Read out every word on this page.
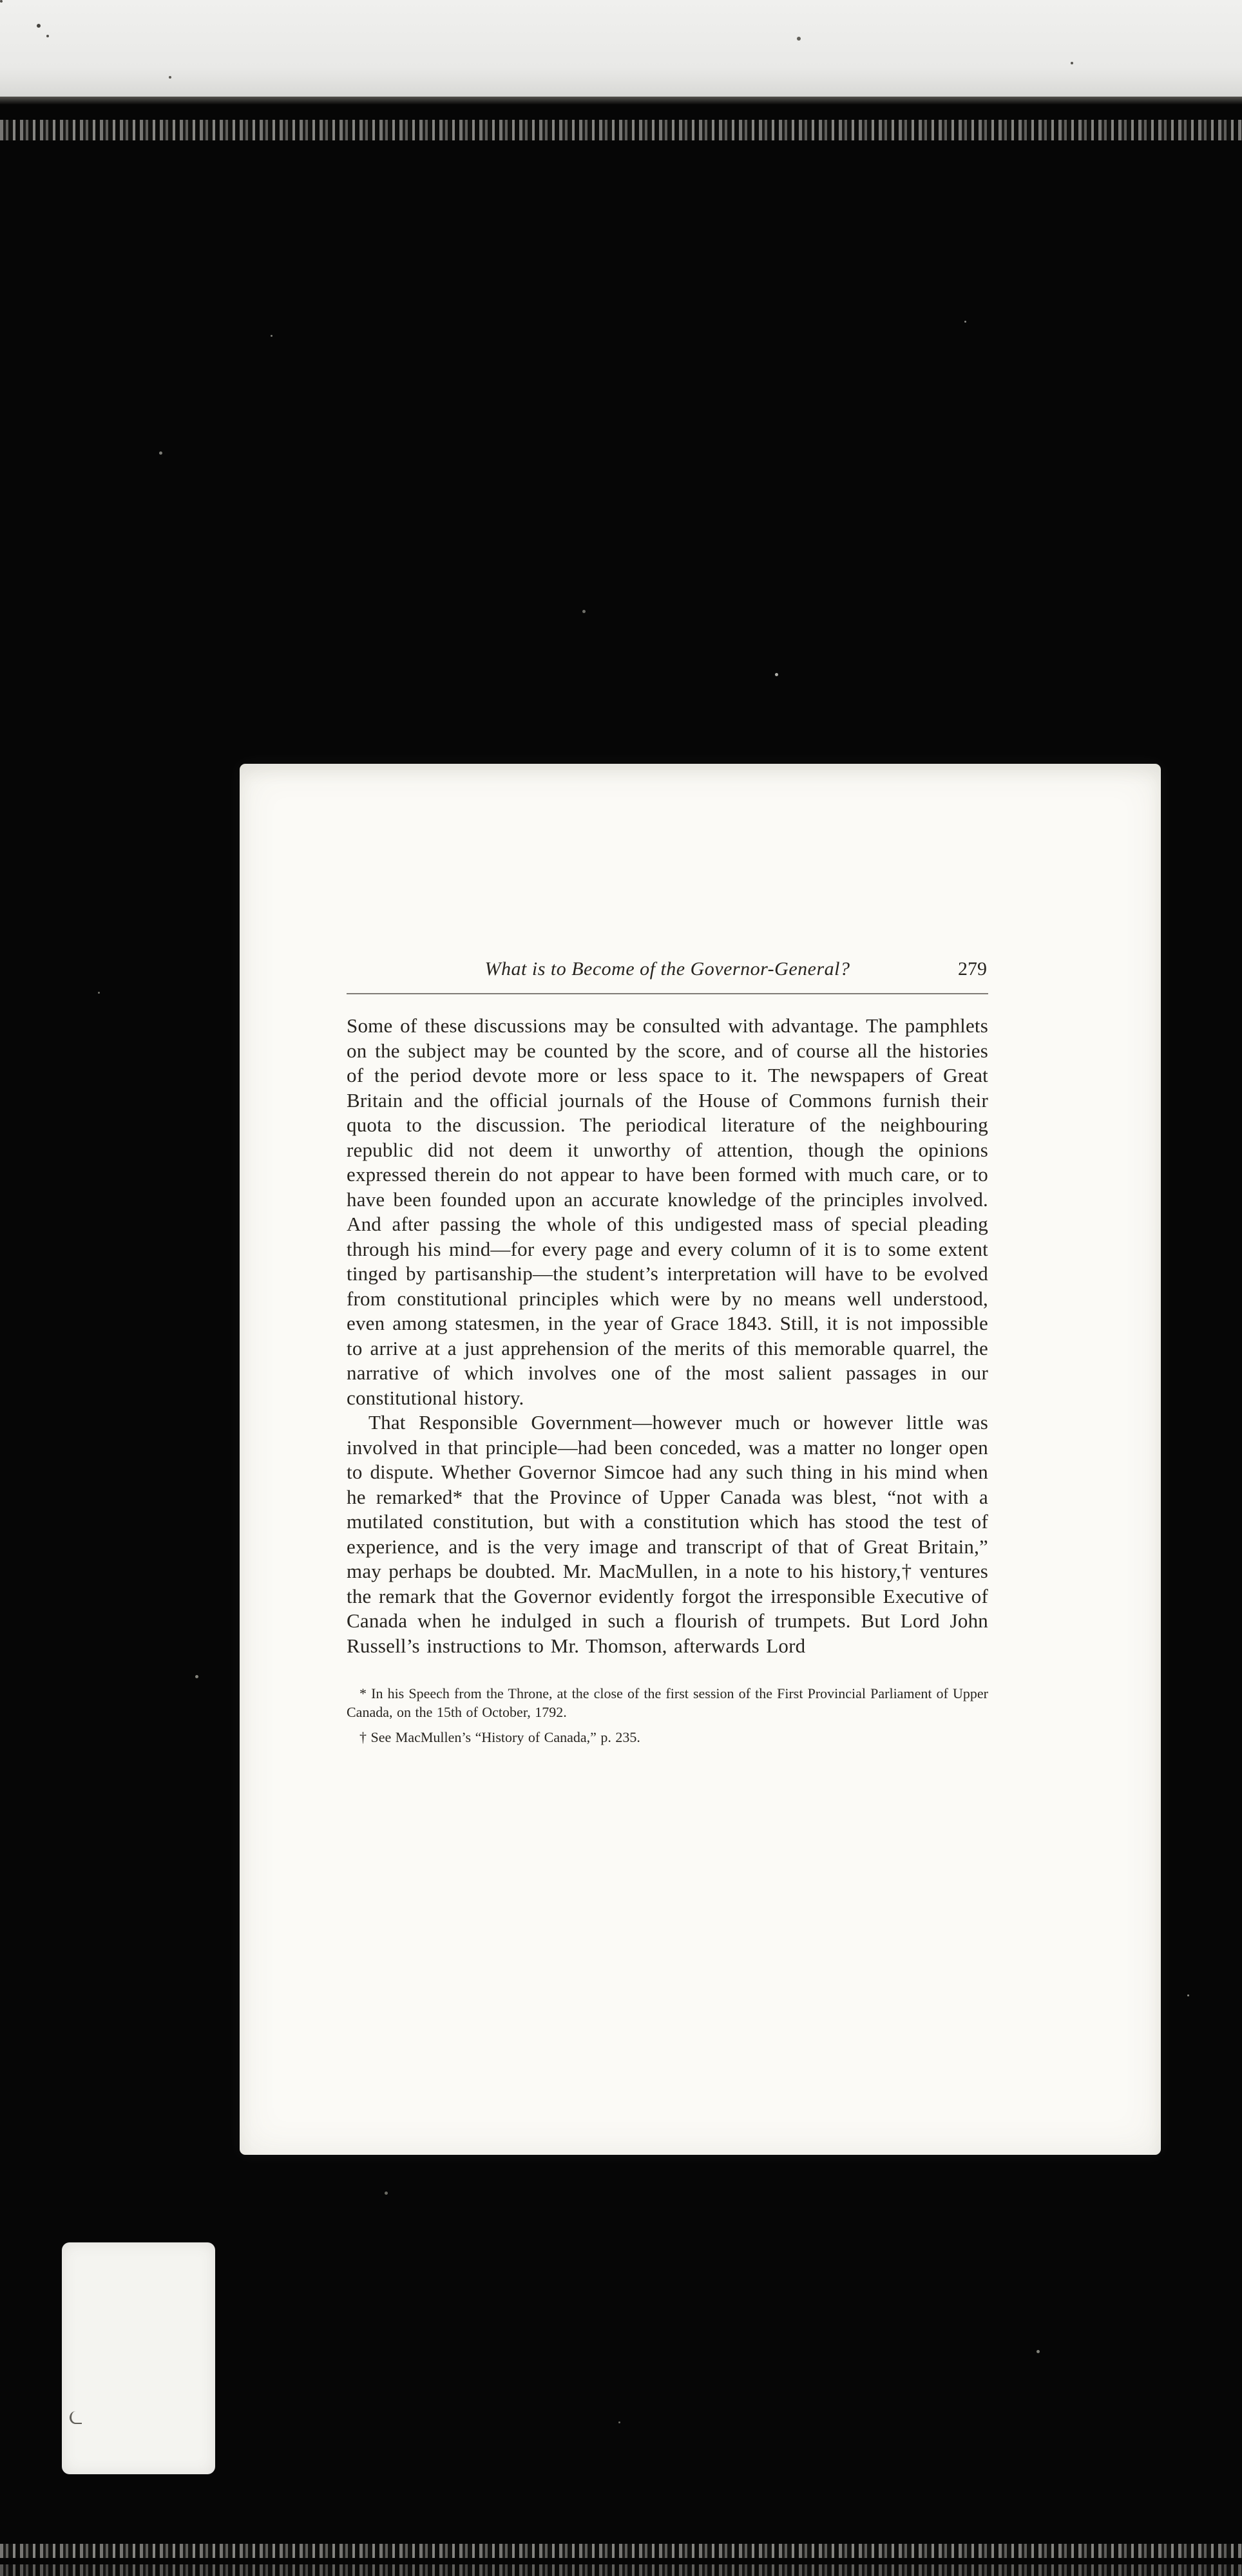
What is to Become of the Governor-General?	279

Some of these discussions may be consulted with advantage. The pamphlets on the subject may be counted by the score, and of course all the histories of the period devote more or less space to it. The newspapers of Great Britain and the official journals of the House of Commons furnish their quota to the discussion. The periodical literature of the neighbouring republic did not deem it unworthy of attention, though the opinions expressed therein do not appear to have been formed with much care, or to have been founded upon an accurate knowledge of the principles involved. And after passing the whole of this undigested mass of special pleading through his mind—for every page and every column of it is to some extent tinged by partisanship—the student’s interpretation will have to be evolved from constitutional principles which were by no means well understood, even among statesmen, in the year of Grace 1843. Still, it is not impossible to arrive at a just apprehension of the merits of this memorable quarrel, the narrative of which involves one of the most salient passages in our constitutional history.

That Responsible Government—however much or however little was involved in that principle—had been conceded, was a matter no longer open to dispute. Whether Governor Simcoe had any such thing in his mind when he remarked* that the Province of Upper Canada was blest, “not with a mutilated constitution, but with a constitution which has stood the test of experience, and is the very image and transcript of that of Great Britain,” may perhaps be doubted. Mr. MacMullen, in a note to his history,† ventures the remark that the Governor evidently forgot the irresponsible Executive of Canada when he indulged in such a flourish of trumpets. But Lord John Russell’s instructions to Mr. Thomson, afterwards Lord

* In his Speech from the Throne, at the close of the first session of the First Provincial Parliament of Upper Canada, on the 15th of October, 1792.

† See MacMullen’s “History of Canada,” p. 235.
